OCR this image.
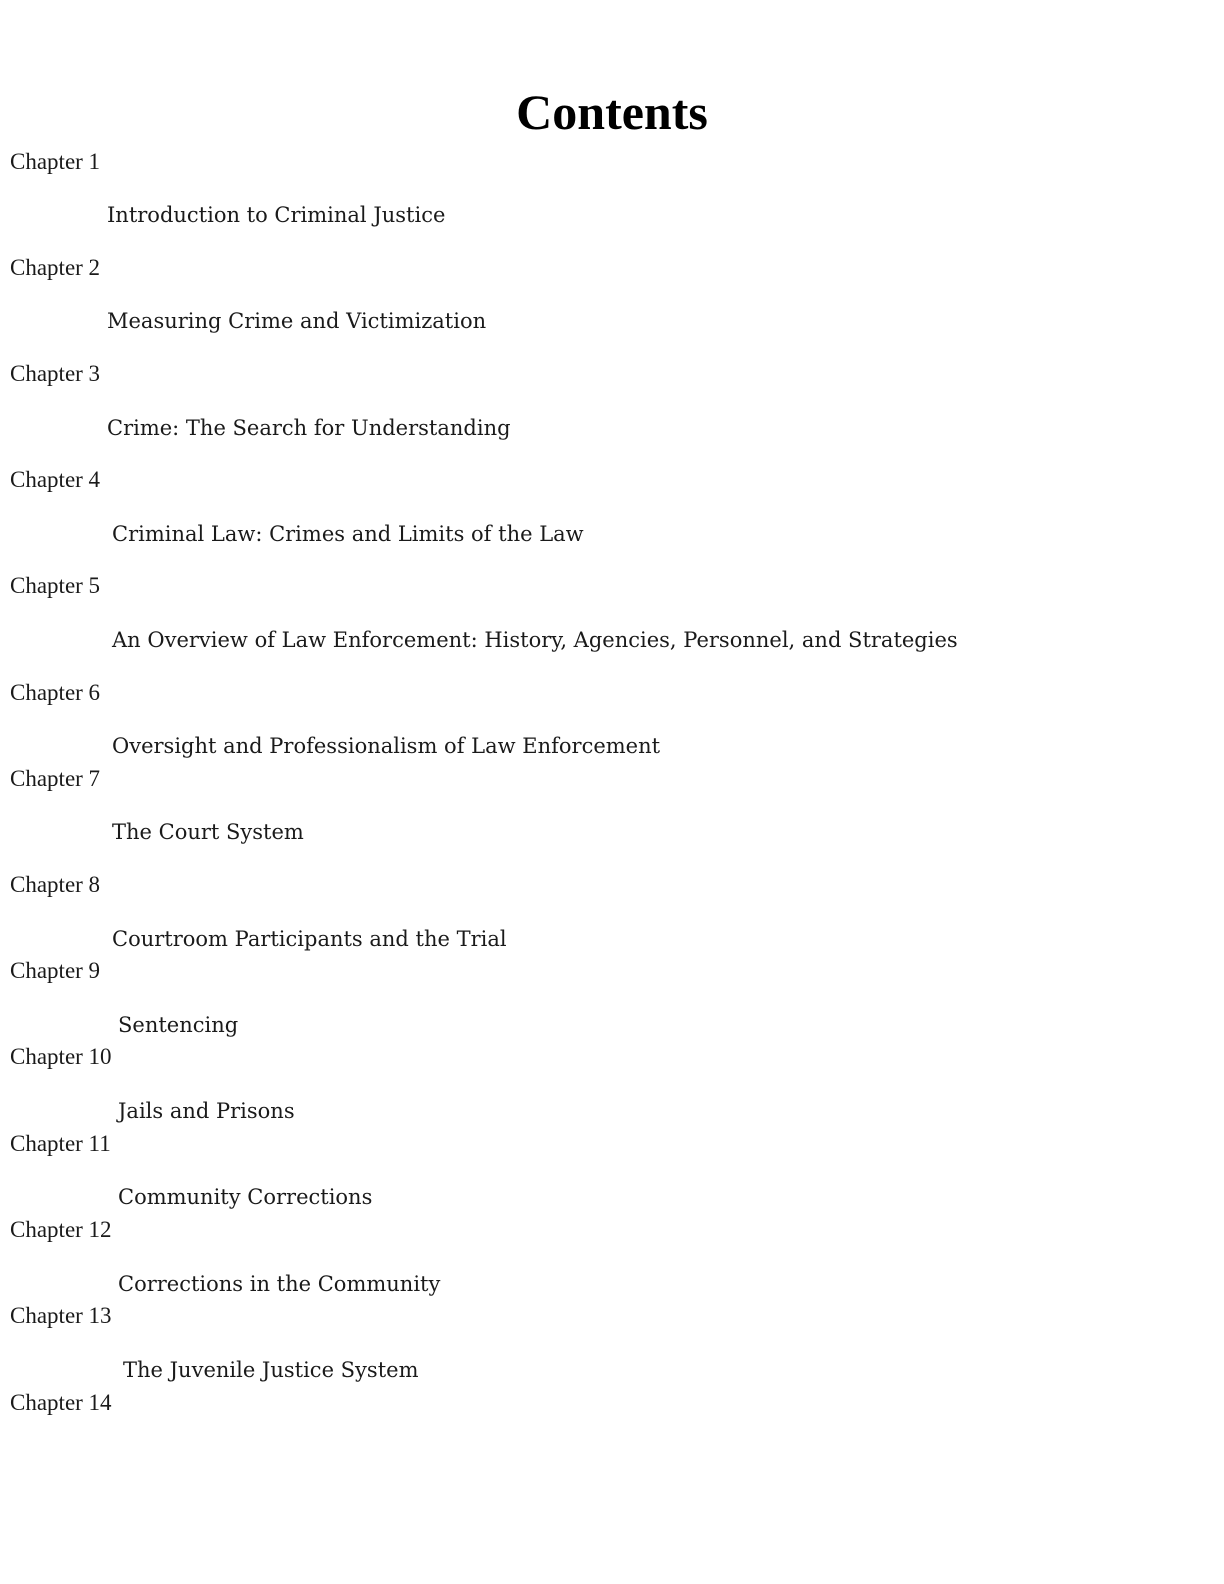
Contents
Chapter 1
Introduction to Criminal Justice
Chapter 2
Measuring Crime and Victimization
Chapter 3
Crime: The Search for Understanding
Chapter 4
Criminal Law: Crimes and Limits of the Law
Chapter 5
An Overview of Law Enforcement: History, Agencies, Personnel, and Strategies
Chapter 6
Oversight and Professionalism of Law Enforcement
Chapter 7
The Court System
Chapter 8
Courtroom Participants and the Trial
Chapter 9
Sentencing
Chapter 10
Jails and Prisons
Chapter 11
Community Corrections
Chapter 12
Corrections in the Community
Chapter 13
The Juvenile Justice System
Chapter 14
